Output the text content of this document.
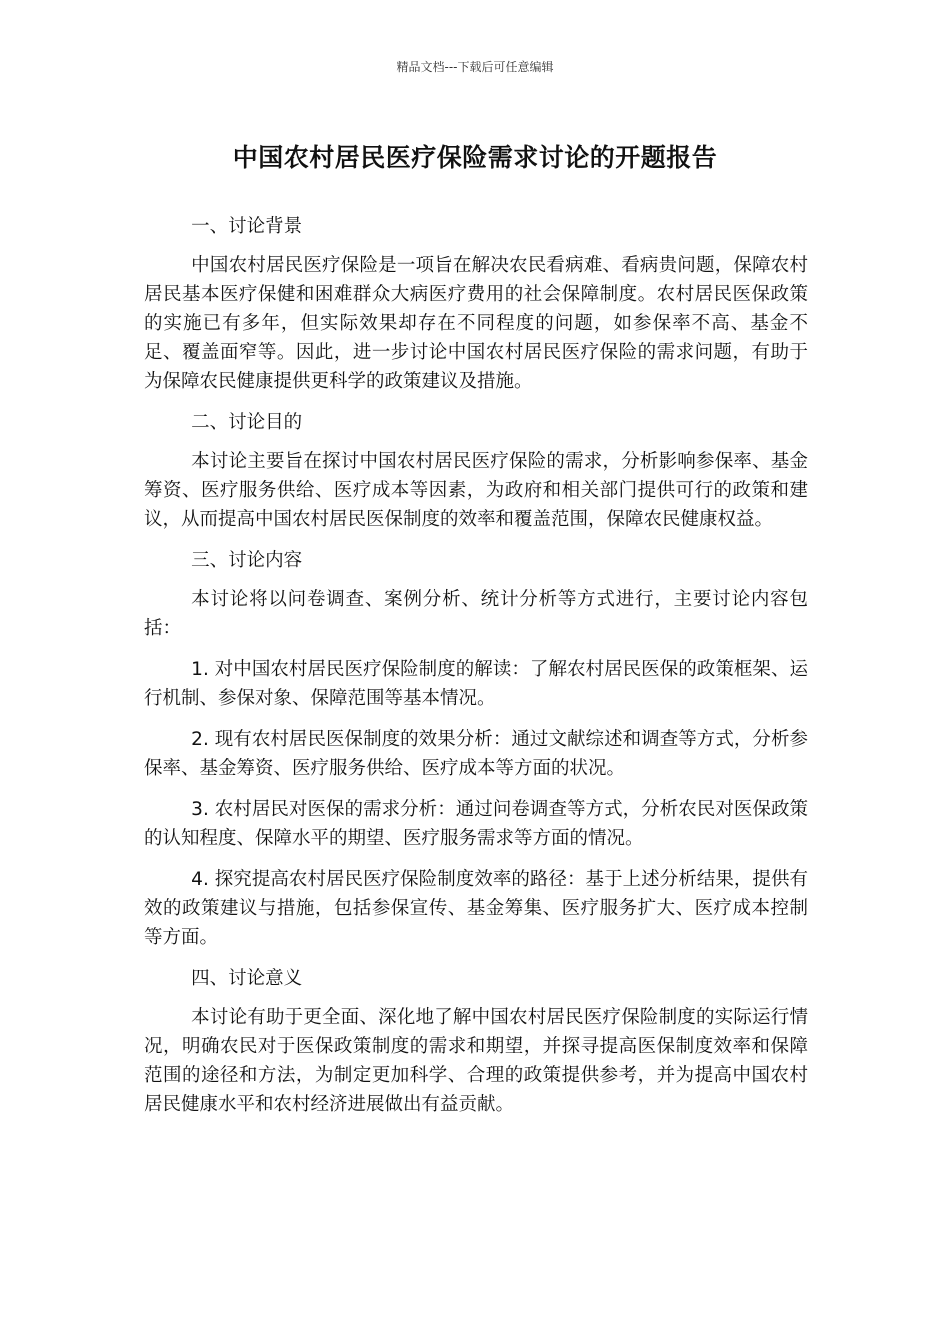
精品文档---下载后可任意编辑
中国农村居民医疗保险需求讨论的开题报告

一、讨论背景

中国农村居民医疗保险是一项旨在解决农民看病难、看病贵问题，保障农村居民基本医疗保健和困难群众大病医疗费用的社会保障制度。农村居民医保政策的实施已有多年，但实际效果却存在不同程度的问题，如参保率不高、基金不足、覆盖面窄等。因此，进一步讨论中国农村居民医疗保险的需求问题，有助于为保障农民健康提供更科学的政策建议及措施。

二、讨论目的

本讨论主要旨在探讨中国农村居民医疗保险的需求，分析影响参保率、基金筹资、医疗服务供给、医疗成本等因素，为政府和相关部门提供可行的政策和建议，从而提高中国农村居民医保制度的效率和覆盖范围，保障农民健康权益。

三、讨论内容

本讨论将以问卷调查、案例分析、统计分析等方式进行，主要讨论内容包括：

1. 对中国农村居民医疗保险制度的解读：了解农村居民医保的政策框架、运行机制、参保对象、保障范围等基本情况。

2. 现有农村居民医保制度的效果分析：通过文献综述和调查等方式，分析参保率、基金筹资、医疗服务供给、医疗成本等方面的状况。

3. 农村居民对医保的需求分析：通过问卷调查等方式，分析农民对医保政策的认知程度、保障水平的期望、医疗服务需求等方面的情况。

4. 探究提高农村居民医疗保险制度效率的路径：基于上述分析结果，提供有效的政策建议与措施，包括参保宣传、基金筹集、医疗服务扩大、医疗成本控制等方面。

四、讨论意义

本讨论有助于更全面、深化地了解中国农村居民医疗保险制度的实际运行情况，明确农民对于医保政策制度的需求和期望，并探寻提高医保制度效率和保障范围的途径和方法，为制定更加科学、合理的政策提供参考，并为提高中国农村居民健康水平和农村经济进展做出有益贡献。
